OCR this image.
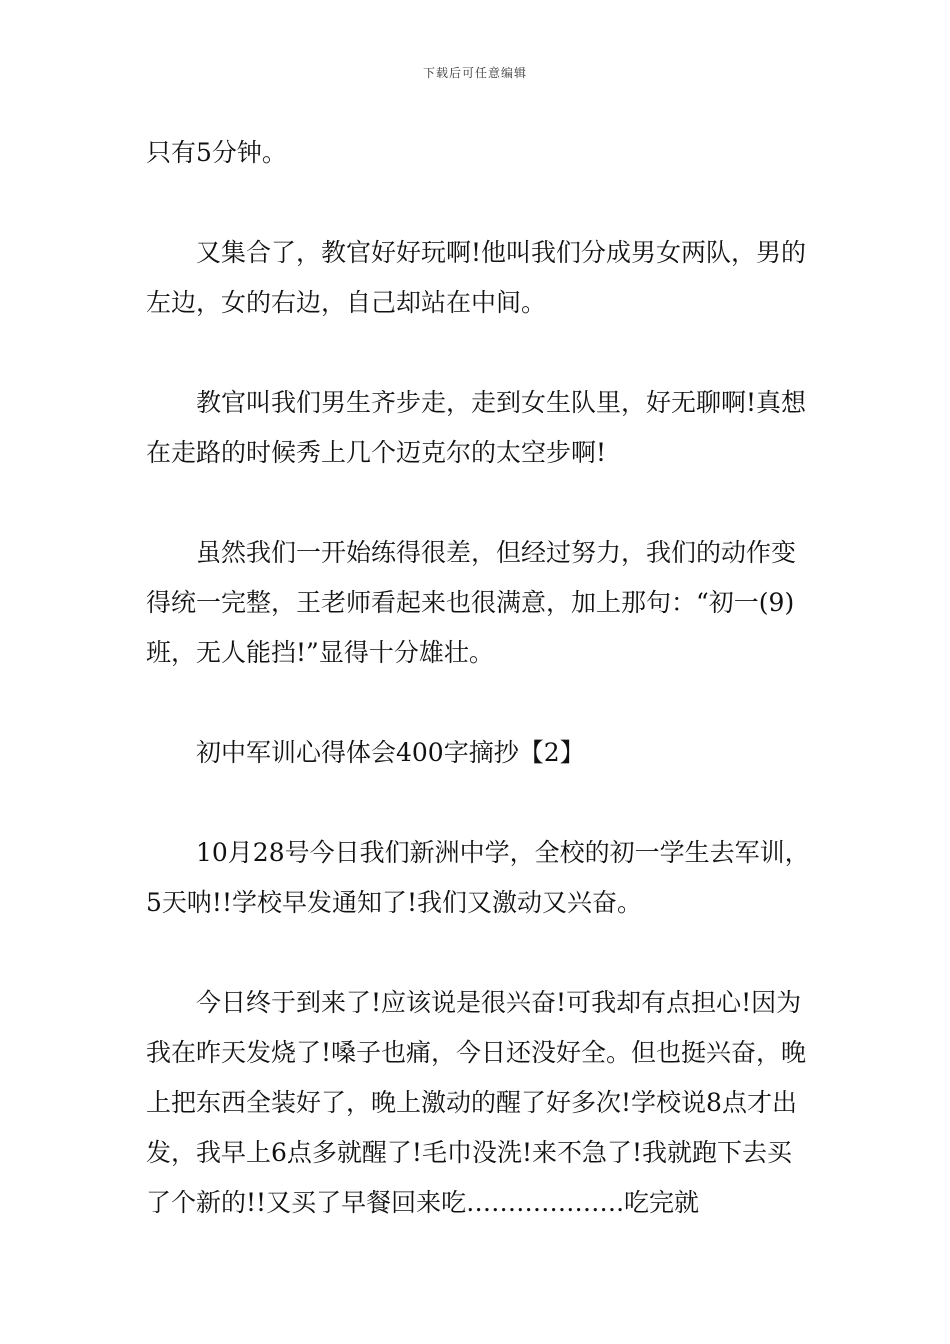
下载后可任意编辑

只有5分钟。

又集合了，教官好好玩啊!他叫我们分成男女两队，男的左边，女的右边，自己却站在中间。

教官叫我们男生齐步走，走到女生队里，好无聊啊!真想在走路的时候秀上几个迈克尔的太空步啊!

虽然我们一开始练得很差，但经过努力，我们的动作变得统一完整，王老师看起来也很满意，加上那句：“初一(9)班，无人能挡!”显得十分雄壮。

初中军训心得体会400字摘抄【2】

10月28号今日我们新洲中学，全校的初一学生去军训，5天呐!!学校早发通知了!我们又激动又兴奋。

今日终于到来了!应该说是很兴奋!可我却有点担心!因为我在昨天发烧了!嗓子也痛，今日还没好全。但也挺兴奋，晚上把东西全装好了，晚上激动的醒了好多次!学校说8点才出发，我早上6点多就醒了!毛巾没洗!来不急了!我就跑下去买了个新的!!又买了早餐回来吃……………….吃完就
